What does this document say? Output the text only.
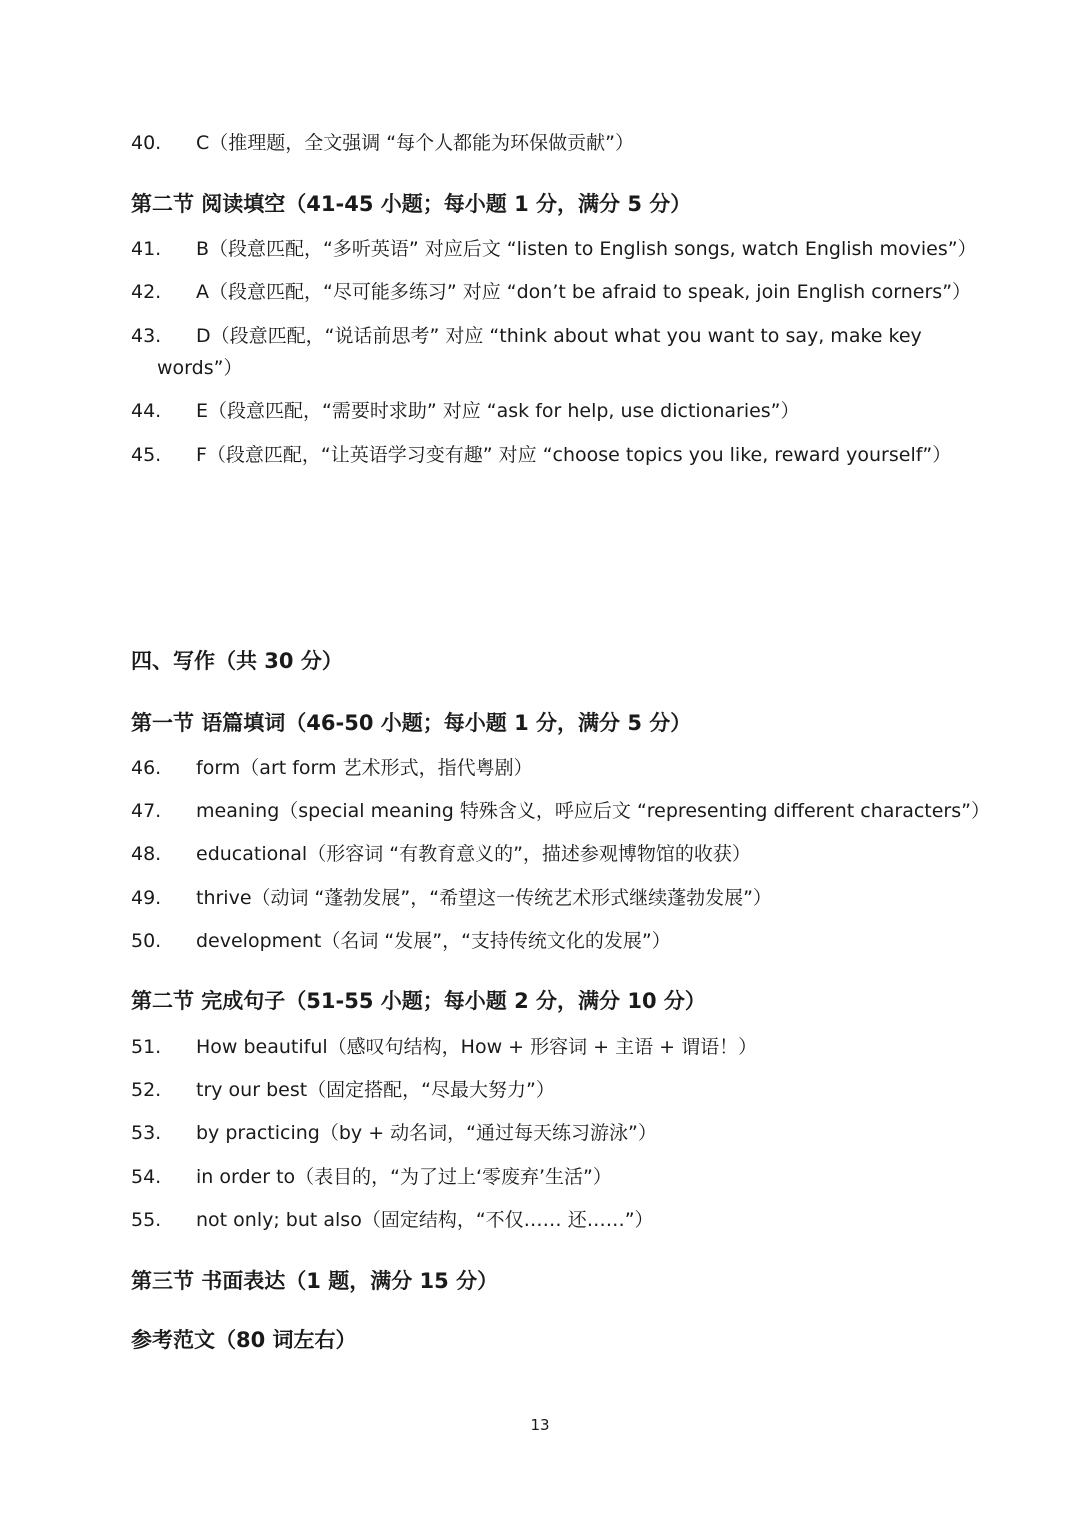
40. C（推理题，全文强调 “每个人都能为环保做贡献”）
第二节 阅读填空（41-45 小题；每小题 1 分，满分 5 分）
41. B（段意匹配，“多听英语” 对应后文 “listen to English songs, watch English movies”）
42. A（段意匹配，“尽可能多练习” 对应 “don’t be afraid to speak, join English corners”）
43. D（段意匹配，“说话前思考” 对应 “think about what you want to say, make key
words”）
44. E（段意匹配，“需要时求助” 对应 “ask for help, use dictionaries”）
45. F（段意匹配，“让英语学习变有趣” 对应 “choose topics you like, reward yourself”）
四、写作（共 30 分）
第一节 语篇填词（46-50 小题；每小题 1 分，满分 5 分）
46. form（art form 艺术形式，指代粤剧）
47. meaning（special meaning 特殊含义，呼应后文 “representing different characters”）
48. educational（形容词 “有教育意义的”，描述参观博物馆的收获）
49. thrive（动词 “蓬勃发展”，“希望这一传统艺术形式继续蓬勃发展”）
50. development（名词 “发展”，“支持传统文化的发展”）
第二节 完成句子（51-55 小题；每小题 2 分，满分 10 分）
51. How beautiful（感叹句结构，How + 形容词 + 主语 + 谓语！）
52. try our best（固定搭配，“尽最大努力”）
53. by practicing（by + 动名词，“通过每天练习游泳”）
54. in order to（表目的，“为了过上‘零废弃’生活”）
55. not only; but also（固定结构，“不仅…… 还……”）
第三节 书面表达（1 题，满分 15 分）
参考范文（80 词左右）
13
